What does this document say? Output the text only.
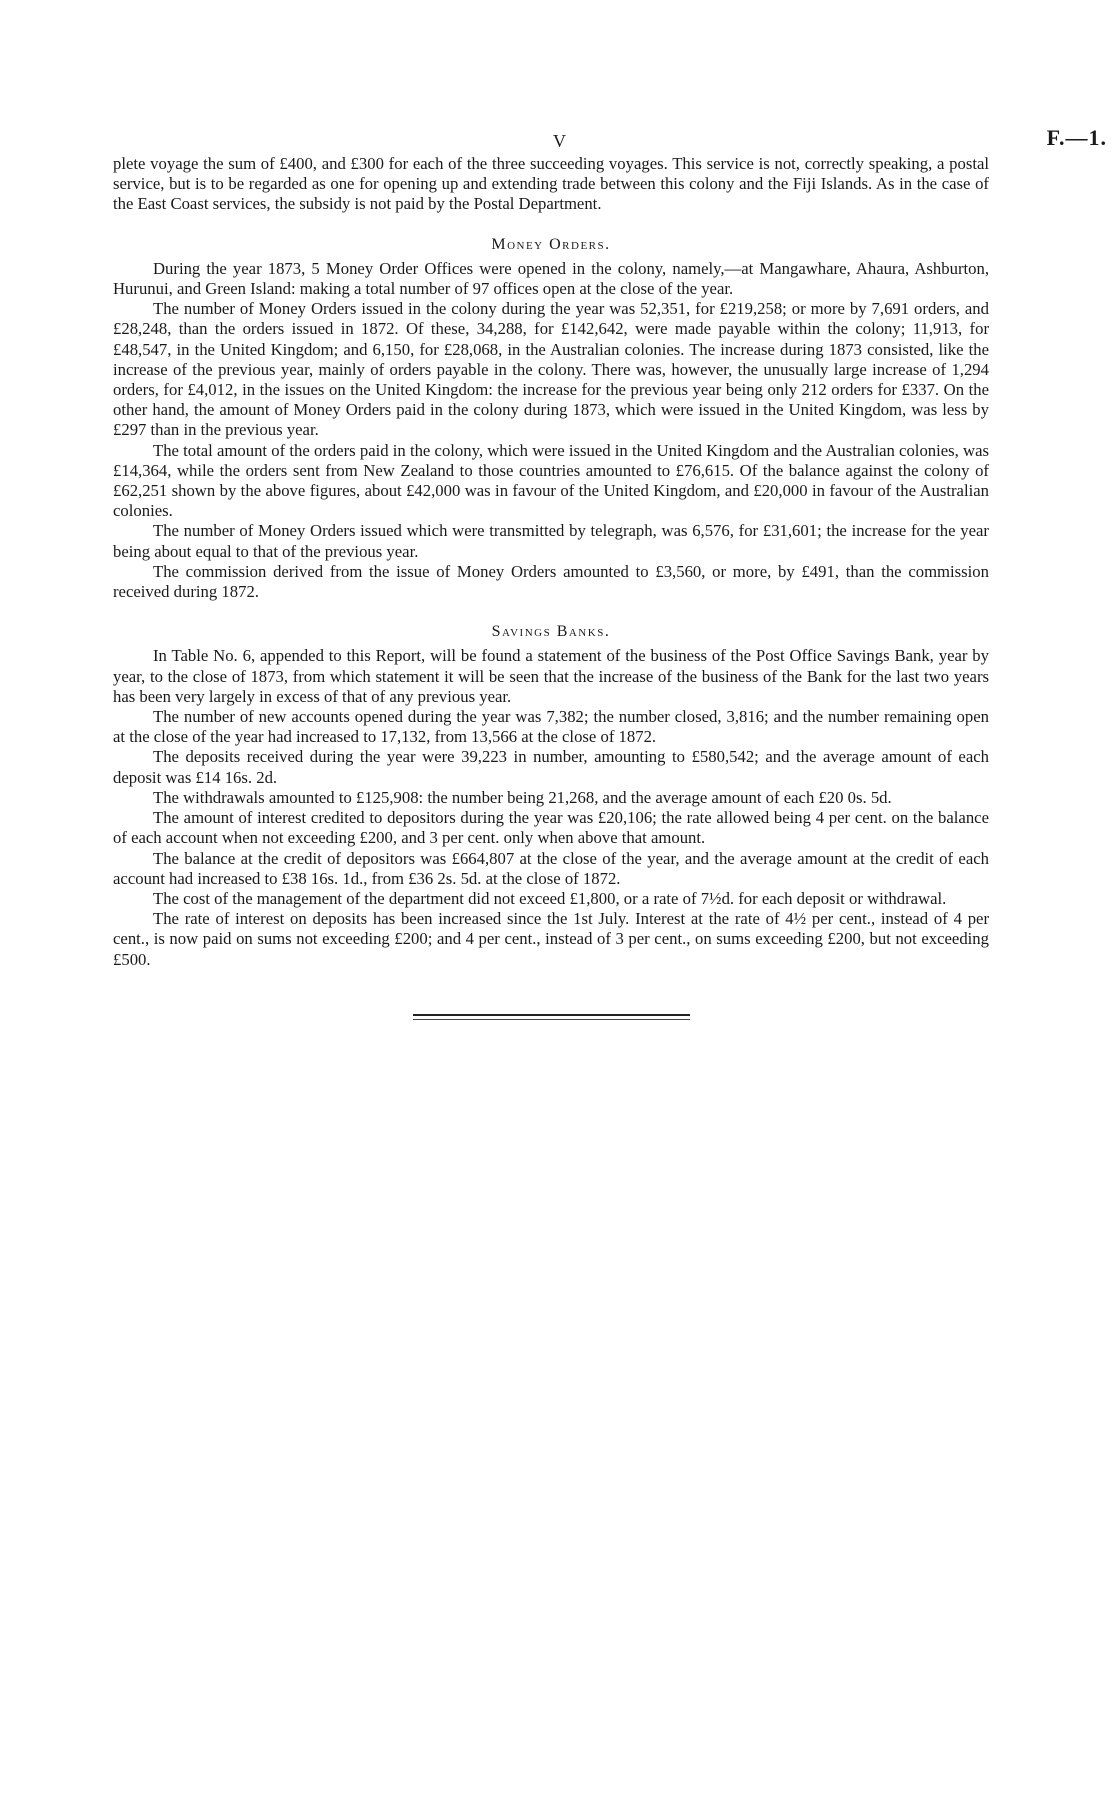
V	F.—1.

plete voyage the sum of £400, and £300 for each of the three succeeding voyages. This service is not, correctly speaking, a postal service, but is to be regarded as one for opening up and extending trade between this colony and the Fiji Islands. As in the case of the East Coast services, the subsidy is not paid by the Postal Department.

Money Orders.

During the year 1873, 5 Money Order Offices were opened in the colony, namely,—at Mangawhare, Ahaura, Ashburton, Hurunui, and Green Island: making a total number of 97 offices open at the close of the year.

The number of Money Orders issued in the colony during the year was 52,351, for £219,258; or more by 7,691 orders, and £28,248, than the orders issued in 1872. Of these, 34,288, for £142,642, were made payable within the colony; 11,913, for £48,547, in the United Kingdom; and 6,150, for £28,068, in the Australian colonies. The increase during 1873 consisted, like the increase of the previous year, mainly of orders payable in the colony. There was, however, the unusually large increase of 1,294 orders, for £4,012, in the issues on the United Kingdom: the increase for the previous year being only 212 orders for £337. On the other hand, the amount of Money Orders paid in the colony during 1873, which were issued in the United Kingdom, was less by £297 than in the previous year.

The total amount of the orders paid in the colony, which were issued in the United Kingdom and the Australian colonies, was £14,364, while the orders sent from New Zealand to those countries amounted to £76,615. Of the balance against the colony of £62,251 shown by the above figures, about £42,000 was in favour of the United Kingdom, and £20,000 in favour of the Australian colonies.

The number of Money Orders issued which were transmitted by telegraph, was 6,576, for £31,601; the increase for the year being about equal to that of the previous year.

The commission derived from the issue of Money Orders amounted to £3,560, or more, by £491, than the commission received during 1872.

Savings Banks.

In Table No. 6, appended to this Report, will be found a statement of the business of the Post Office Savings Bank, year by year, to the close of 1873, from which statement it will be seen that the increase of the business of the Bank for the last two years has been very largely in excess of that of any previous year.

The number of new accounts opened during the year was 7,382; the number closed, 3,816; and the number remaining open at the close of the year had increased to 17,132, from 13,566 at the close of 1872.

The deposits received during the year were 39,223 in number, amounting to £580,542; and the average amount of each deposit was £14 16s. 2d.

The withdrawals amounted to £125,908: the number being 21,268, and the average amount of each £20 0s. 5d.

The amount of interest credited to depositors during the year was £20,106; the rate allowed being 4 per cent. on the balance of each account when not exceeding £200, and 3 per cent. only when above that amount.

The balance at the credit of depositors was £664,807 at the close of the year, and the average amount at the credit of each account had increased to £38 16s. 1d., from £36 2s. 5d. at the close of 1872.

The cost of the management of the department did not exceed £1,800, or a rate of 7½d. for each deposit or withdrawal.

The rate of interest on deposits has been increased since the 1st July. Interest at the rate of 4½ per cent., instead of 4 per cent., is now paid on sums not exceeding £200; and 4 per cent., instead of 3 per cent., on sums exceeding £200, but not exceeding £500.
